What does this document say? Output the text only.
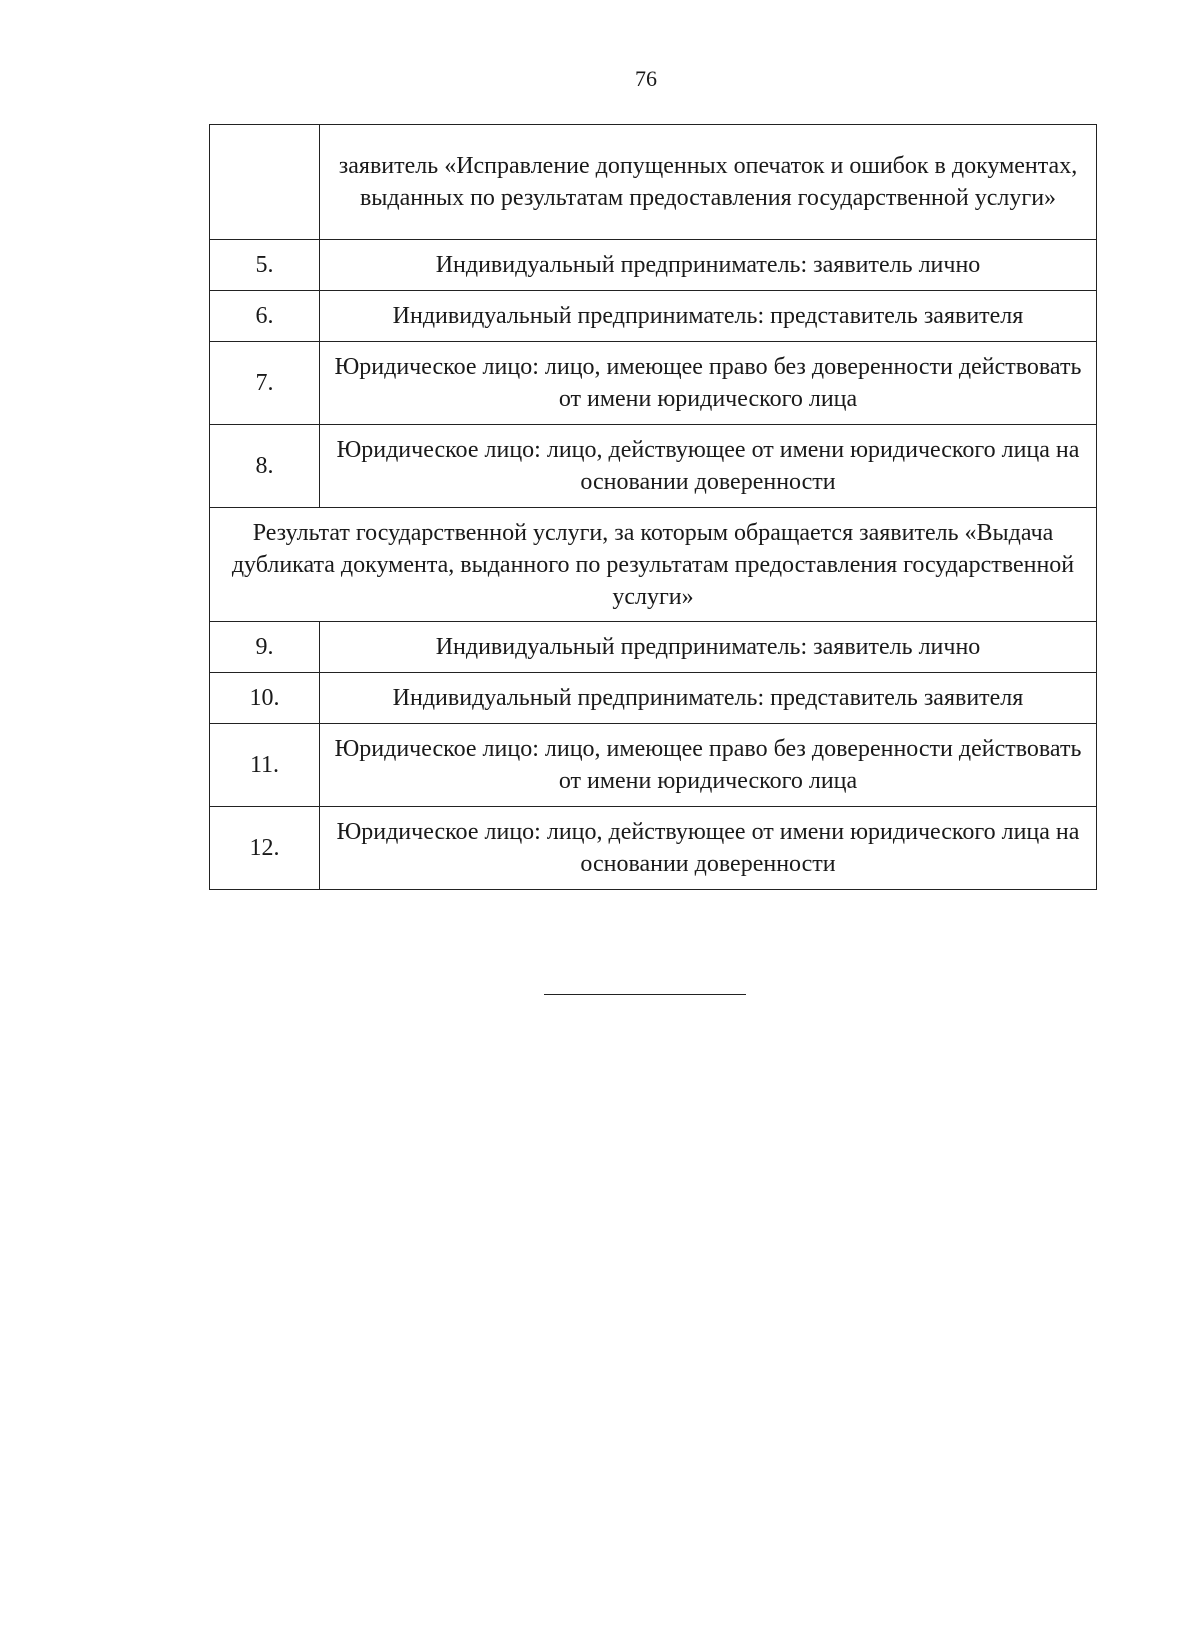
76
	заявитель «Исправление допущенных опечаток и ошибок в документах, выданных по результатам предоставления государственной услуги»
5.	Индивидуальный предприниматель: заявитель лично
6.	Индивидуальный предприниматель: представитель заявителя
7.	Юридическое лицо: лицо, имеющее право без доверенности действовать от имени юридического лица
8.	Юридическое лицо: лицо, действующее от имени юридического лица на основании доверенности
Результат государственной услуги, за которым обращается заявитель «Выдача дубликата документа, выданного по результатам предоставления государственной услуги»	
9.	Индивидуальный предприниматель: заявитель лично
10.	Индивидуальный предприниматель: представитель заявителя
11.	Юридическое лицо: лицо, имеющее право без доверенности действовать от имени юридического лица
12.	Юридическое лицо: лицо, действующее от имени юридического лица на основании доверенности
